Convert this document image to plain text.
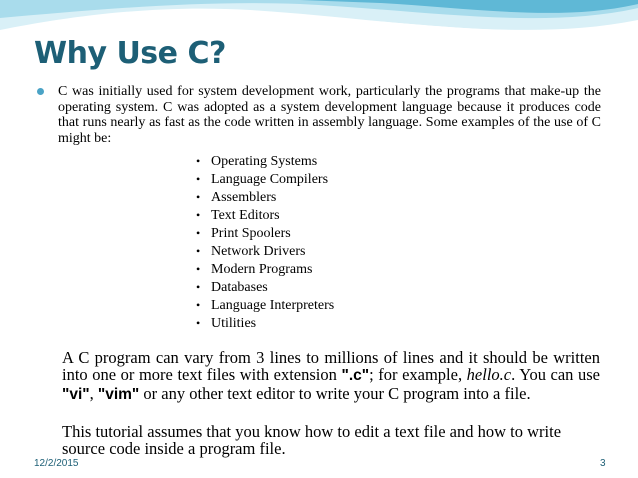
Why Use C?
C was initially used for system development work, particularly the programs that make-up the operating system. C was adopted as a system development language because it produces code that runs nearly as fast as the code written in assembly language. Some examples of the use of C might be:
• Operating Systems
• Language Compilers
• Assemblers
• Text Editors
• Print Spoolers
• Network Drivers
• Modern Programs
• Databases
• Language Interpreters
• Utilities

A C program can vary from 3 lines to millions of lines and it should be written into one or more text files with extension ".c"; for example, hello.c. You can use "vi", "vim" or any other text editor to write your C program into a file.

This tutorial assumes that you know how to edit a text file and how to write source code inside a program file.

12/2/2015	3
